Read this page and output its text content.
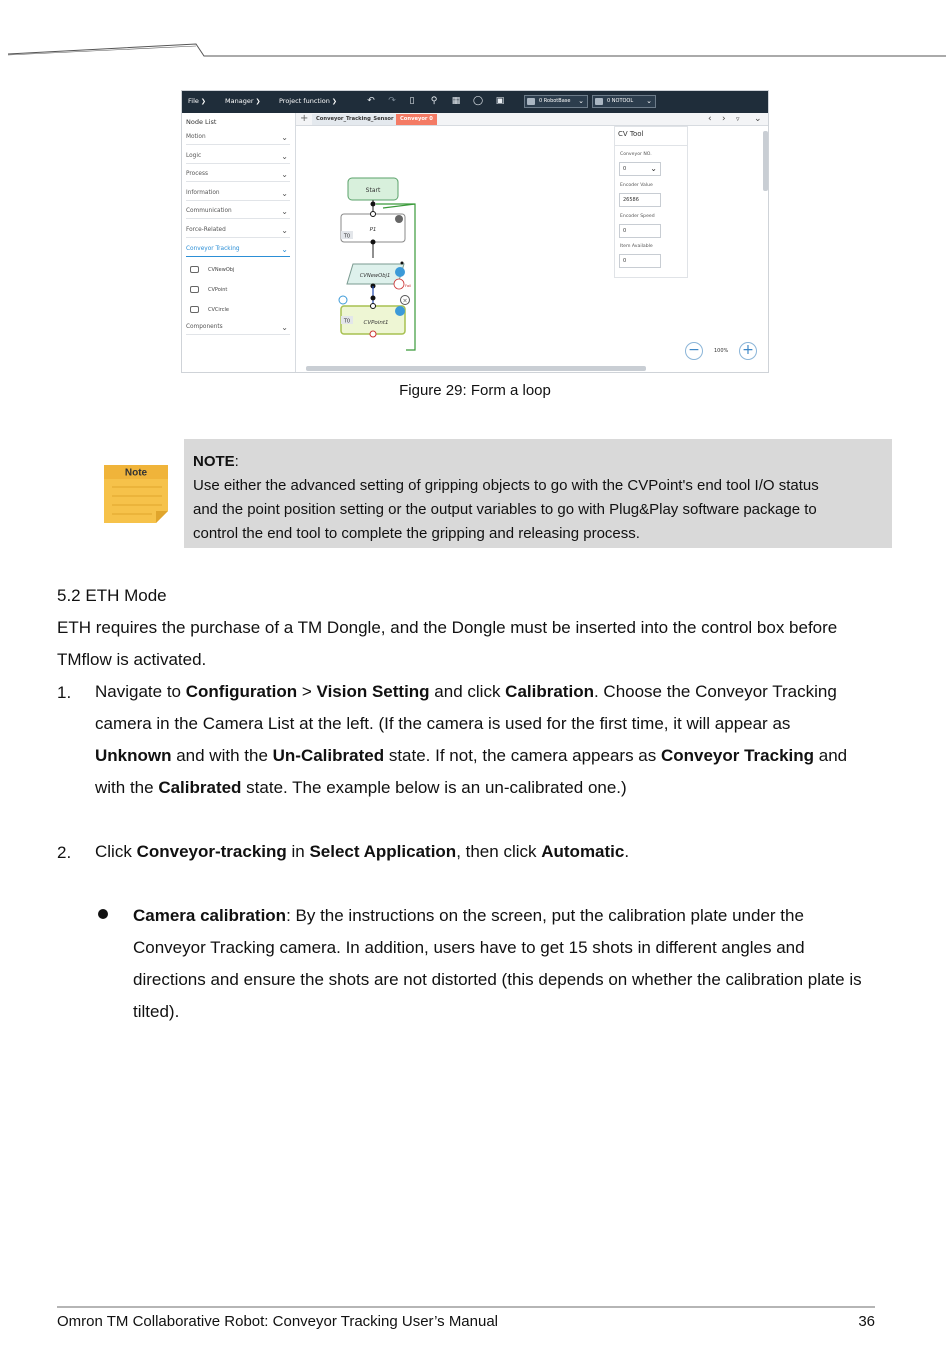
File ❯	Manager ❯	Project function ❯	↶ ↷	▯	⚲	▦ ◯ ▣	0 RobotBase ⌄	0 NOTOOL ⌄
Node List
Motion	⌄
Logic	⌄
Process	⌄
Information	⌄
Communication	⌄
Force-Related	⌄
Conveyor Tracking	⌄
CVNewObj
CVPoint
CVCircle
Components	⌄
+	Conveyor_Tracking_Sensor	Conveyor 0	‹ › ▿ ⌄
Start
P1
T0
CVNewObj1
Fail
CVPoint1
T0
×
CV Tool
Conveyor NO.
0	⌄
Encoder Value
26586
Encoder Speed
0
Item Available
0
−	100% +
Figure 29: Form a loop
Note
NOTE:
Use either the advanced setting of gripping objects to go with the CVPoint's end tool I/O status
and the point position setting or the output variables to go with Plug&Play software package to
control the end tool to complete the gripping and releasing process.
5.2 ETH Mode
ETH requires the purchase of a TM Dongle, and the Dongle must be inserted into the control box before
TMflow is activated.
1. Navigate to Configuration > Vision Setting and click Calibration. Choose the Conveyor Tracking
camera in the Camera List at the left. (If the camera is used for the first time, it will appear as
Unknown and with the Un-Calibrated state. If not, the camera appears as Conveyor Tracking and
with the Calibrated state. The example below is an un-calibrated one.)
2. Click Conveyor-tracking in Select Application, then click Automatic.
Camera calibration: By the instructions on the screen, put the calibration plate under the
Conveyor Tracking camera. In addition, users have to get 15 shots in different angles and
directions and ensure the shots are not distorted (this depends on whether the calibration plate is
tilted).
Omron TM Collaborative Robot: Conveyor Tracking User’s Manual	36
